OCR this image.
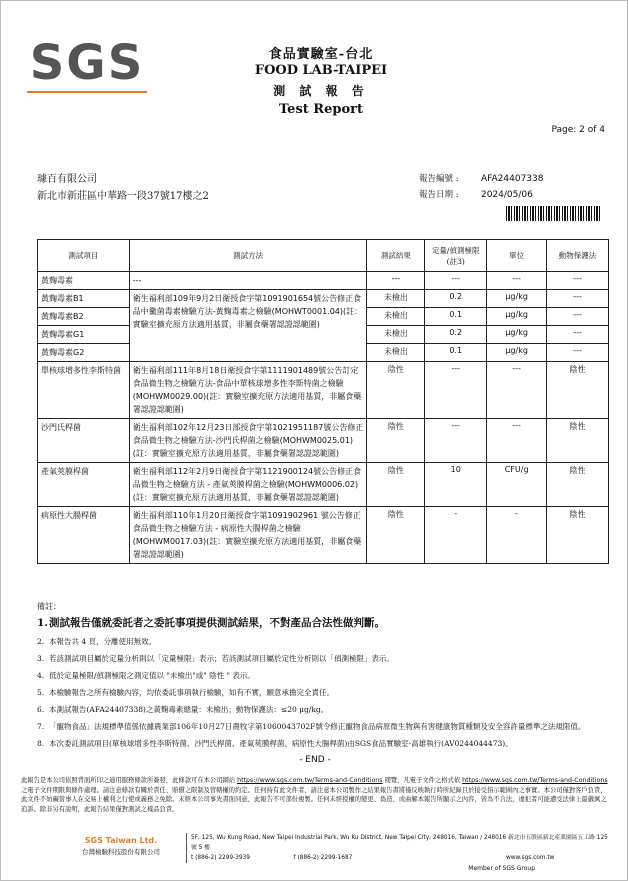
SGS	食品實驗室-台北
FOOD LAB-TAIPEI
測 試 報 告
Test Report
Page: 2 of 4
璩百有限公司
新北市新莊區中華路一段37號17樓之2
報告編號 : AFA24407338
報告日期 : 2024/05/06
測試項目	測試方法	測試結果	定量/偵測極限(註3)	單位	動物保護法
黃麴毒素	---	---	---	---	---
黃麴毒素B1	衛生福利部109年9月2日衛授食字第1091901654號公告修正食品中黴菌毒素檢驗方法-黃麴毒素之檢驗(MOHWT0001.04)(註：實驗室擴充原方法適用基質，非屬食藥署認證認範圍)	未檢出	0.2	μg/kg	---
黃麴毒素B2		未檢出	0.1	μg/kg	---
黃麴毒素G1		未檢出	0.2	μg/kg	---
黃麴毒素G2		未檢出	0.1	μg/kg	---
單核球增多性李斯特菌	衛生福利部111年8月18日衛授食字第1111901489號公告訂定食品微生物之檢驗方法-食品中單核球增多性李斯特菌之檢驗(MOHWM0029.00)(註：實驗室擴充原方法適用基質，非屬食藥署認證認範圍)	陰性	---	---	陰性
沙門氏桿菌	衛生福利部102年12月23日部授食字第1021951187號公告修正食品微生物之檢驗方法-沙門氏桿菌之檢驗(MOHWM0025.01)(註：實驗室擴充原方法適用基質，非屬食藥署認證認範圍)	陰性	---	---	陰性
產氣莢膜桿菌	衛生福利部112年2月9日衛授食字第1121900124號公告修正食品微生物之檢驗方法 - 產氣莢膜桿菌之檢驗(MOHWM0006.02)(註：實驗室擴充原方法適用基質，非屬食藥署認證認範圍)	陰性	10	CFU/g	陰性
病原性大腸桿菌	衛生福利部110年1月20日衛授食字第1091902961 號公告修正食品微生物之檢驗方法 - 病原性大腸桿菌之檢驗(MOHWM0017.03)(註：實驗室擴充原方法適用基質，非屬食藥署認證認範圍)	陰性	-	-	陰性
備註：
1. 測試報告僅就委託者之委託事項提供測試結果，不對產品合法性做判斷。
2. 本報告共 4 頁，分離使用無效。
3. 若該測試項目屬於定量分析則以「定量極限」表示；若該測試項目屬於定性分析則以「偵測極限」表示。
4. 低於定量極限/偵測極限之測定值以 "未檢出"或" 陰性 " 表示。
5. 本檢驗報告之所有檢驗內容，均依委託事項執行檢驗，如有不實，願意承擔完全責任。
6. 本測試報告(AFA24407338)之黃麴毒素總量：未檢出；動物保護法：≤20 μg/kg。
7. 「寵物食品」法規標準值係依據農業部106年10月27日農牧字第1060043702F號令修正寵物食品病原微生物與有害健康物質種類及安全容許量標準之法規限值。
8. 本次委託測試項目(單核球增多性李斯特菌、沙門氏桿菌、產氣莢膜桿菌、病原性大腸桿菌)由SGS食品實驗室-高雄執行(AV0244044473)。
- END -
此報告是本公司依照背面所印之通用服務條款所簽發，此條款可在本公司網站 https://www.sgs.com.tw/Terms-and-Conditions 閱覽，凡電子文件之格式依 https://www.sgs.com.tw/Terms-and-Conditions 之電子文件期限與條件處理。請注意條款有關於責任、賠償之限制及管轄權的約定。任何持有此文件者，請注意本公司製作之結果報告書將僅反映執行時所紀錄且於接受指示範圍內之事實。本公司僅對客戶負責，此文件不妨礙當事人在交易上權利之行使或義務之免除。未經本公司事先書面同意，此報告不可部份複製。任何未經授權的變更、偽造、或曲解本報告所顯示之內容，皆為不合法，違犯者可能遭受法律上最嚴厲之追訴。除非另有說明，此報告結果僅對測試之樣品負責。
SGS Taiwan Ltd.
台灣檢驗科技股份有限公司
5F, 125, Wu Kung Road, New Taipei Industrial Park, Wu Ku District, New Taipei City, 248016, Taiwan / 248016 新北市五股區新北產業園區五工路 125 號 5 樓
t (886-2) 2299-3939	f (886-2) 2299-1687	www.sgs.com.tw
Member of SGS Group
